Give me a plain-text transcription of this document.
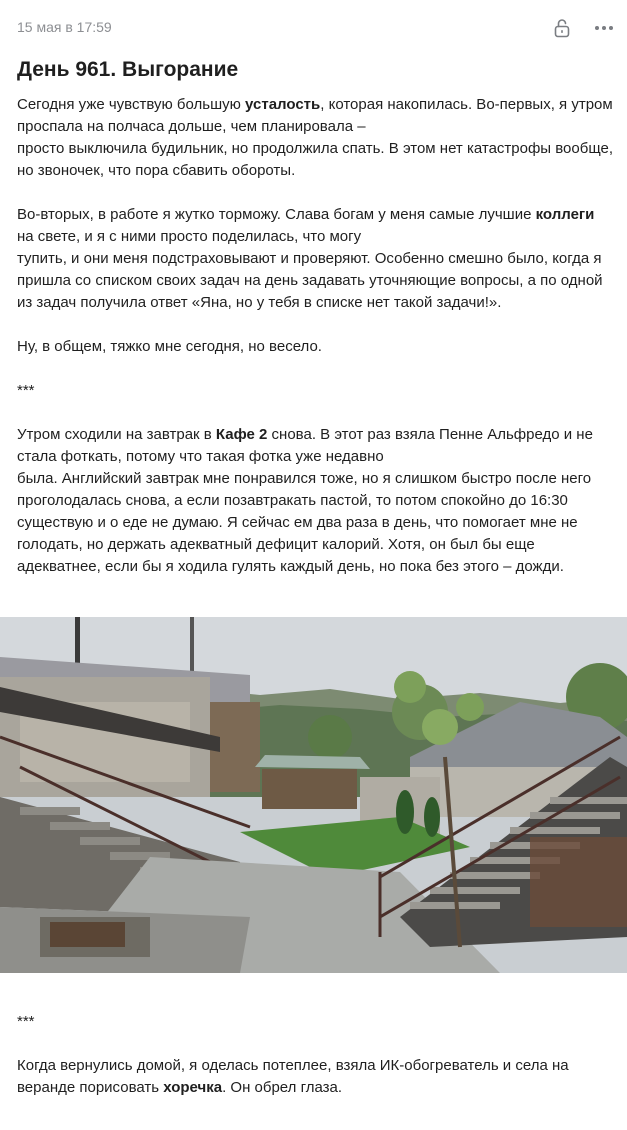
15 мая в 17:59
День 961. Выгорание

Сегодня уже чувствую большую усталость, которая накопилась. Во-первых, я утром проспала на полчаса дольше, чем планировала –
просто выключила будильник, но продолжила спать. В этом нет катастрофы вообще, но звоночек, что пора сбавить обороты.

Во-вторых, в работе я жутко торможу. Слава богам у меня самые лучшие коллеги на свете, и я с ними просто поделилась, что могу
тупить, и они меня подстраховывают и проверяют. Особенно смешно было, когда я пришла со списком своих задач на день задавать уточняющие вопросы, а по одной из задач получила ответ «Яна, но у тебя в списке нет такой задачи!».

Ну, в общем, тяжко мне сегодня, но весело.

***

Утром сходили на завтрак в Кафе 2 снова. В этот раз взяла Пенне Альфредо и не стала фоткать, потому что такая фотка уже недавно
была. Английский завтрак мне понравился тоже, но я слишком быстро после него проголодалась снова, а если позавтракать пастой, то потом спокойно до 16:30 существую и о еде не думаю. Я сейчас ем два раза в день, что помогает мне не голодать, но держать адекватный дефицит калорий. Хотя, он был бы еще адекватнее, если бы я ходила гулять каждый день, но пока без этого – дожди.

***

Когда вернулись домой, я оделась потеплее, взяла ИК-обогреватель и села на веранде порисовать хоречка. Он обрел глаза.
